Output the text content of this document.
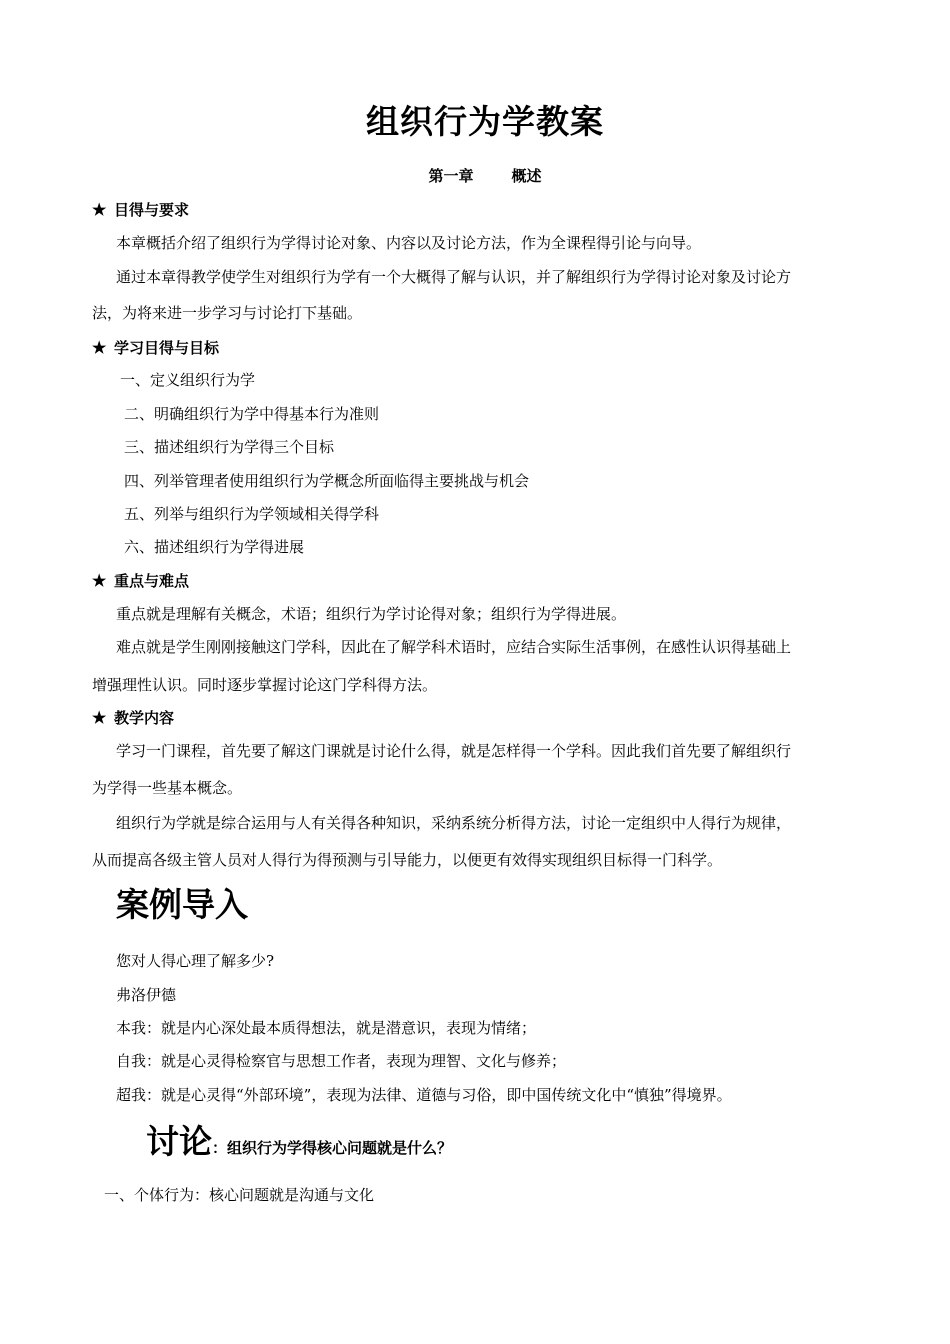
组织行为学教案
第一章	概述
★ 目得与要求
本章概括介绍了组织行为学得讨论对象、内容以及讨论方法，作为全课程得引论与向导。
通过本章得教学使学生对组织行为学有一个大概得了解与认识，并了解组织行为学得讨论对象及讨论方
法，为将来进一步学习与讨论打下基础。
★ 学习目得与目标
一、定义组织行为学
二、明确组织行为学中得基本行为准则
三、描述组织行为学得三个目标
四、列举管理者使用组织行为学概念所面临得主要挑战与机会
五、列举与组织行为学领域相关得学科
六、描述组织行为学得进展
★ 重点与难点
重点就是理解有关概念，术语；组织行为学讨论得对象；组织行为学得进展。
难点就是学生刚刚接触这门学科，因此在了解学科术语时，应结合实际生活事例，在感性认识得基础上
增强理性认识。同时逐步掌握讨论这门学科得方法。
★ 教学内容
学习一门课程，首先要了解这门课就是讨论什么得，就是怎样得一个学科。因此我们首先要了解组织行
为学得一些基本概念。
组织行为学就是综合运用与人有关得各种知识，采纳系统分析得方法，讨论一定组织中人得行为规律，
从而提高各级主管人员对人得行为得预测与引导能力，以便更有效得实现组织目标得一门科学。
案例导入
您对人得心理了解多少?
弗洛伊德
本我：就是内心深处最本质得想法，就是潜意识，表现为情绪；
自我：就是心灵得检察官与思想工作者，表现为理智、文化与修养；
超我：就是心灵得“外部环境”，表现为法律、道德与习俗，即中国传统文化中“慎独”得境界。
讨论：组织行为学得核心问题就是什么？
一、个体行为：核心问题就是沟通与文化
